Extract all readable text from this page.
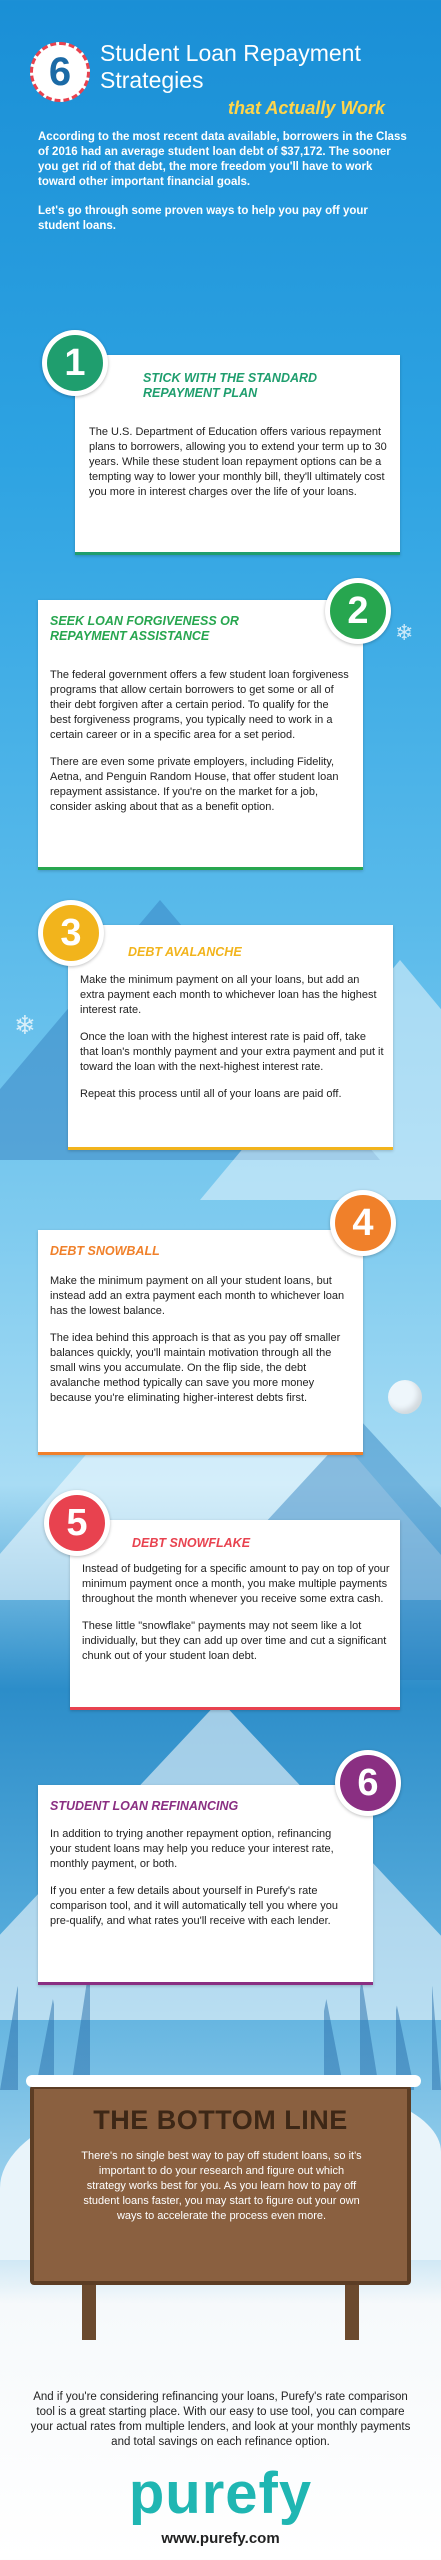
❄
❄
6	Student Loan Repayment Strategies
that Actually Work

According to the most recent data available, borrowers in the Class of 2016 had an average student loan debt of $37,172. The sooner you get rid of that debt, the more freedom you'll have to work toward other important financial goals.

Let's go through some proven ways to help you pay off your student loans.

STICK WITH THE STANDARD REPAYMENT PLAN

The U.S. Department of Education offers various repayment plans to borrowers, allowing you to extend your term up to 30 years. While these student loan repayment options can be a tempting way to lower your monthly bill, they'll ultimately cost you more in interest charges over the life of your loans.

1
SEEK LOAN FORGIVENESS OR REPAYMENT ASSISTANCE

The federal government offers a few student loan forgiveness programs that allow certain borrowers to get some or all of their debt forgiven after a certain period. To qualify for the best forgiveness programs, you typically need to work in a certain career or in a specific area for a set period.

There are even some private employers, including Fidelity, Aetna, and Penguin Random House, that offer student loan repayment assistance. If you're on the market for a job, consider asking about that as a benefit option.

2
DEBT AVALANCHE

Make the minimum payment on all your loans, but add an extra payment each month to whichever loan has the highest interest rate.

Once the loan with the highest interest rate is paid off, take that loan's monthly payment and your extra payment and put it toward the loan with the next-highest interest rate.

Repeat this process until all of your loans are paid off.

3
DEBT SNOWBALL

Make the minimum payment on all your student loans, but instead add an extra payment each month to whichever loan has the lowest balance.

The idea behind this approach is that as you pay off smaller balances quickly, you'll maintain motivation through all the small wins you accumulate. On the flip side, the debt avalanche method typically can save you more money because you're eliminating higher-interest debts first.

4
DEBT SNOWFLAKE

Instead of budgeting for a specific amount to pay on top of your minimum payment once a month, you make multiple payments throughout the month whenever you receive some extra cash.

These little "snowflake" payments may not seem like a lot individually, but they can add up over time and cut a significant chunk out of your student loan debt.

5
STUDENT LOAN REFINANCING

In addition to trying another repayment option, refinancing your student loans may help you reduce your interest rate, monthly payment, or both.

If you enter a few details about yourself in Purefy's rate comparison tool, and it will automatically tell you where you pre-qualify, and what rates you'll receive with each lender.

6
THE BOTTOM LINE
There's no single best way to pay off student loans, so it's important to do your research and figure out which strategy works best for you. As you learn how to pay off student loans faster, you may start to figure out your own ways to accelerate the process even more.
And if you're considering refinancing your loans, Purefy's rate comparison tool is a great starting place. With our easy to use tool, you can compare your actual rates from multiple lenders, and look at your monthly payments and total savings on each refinance option.
purefy
www.purefy.com
